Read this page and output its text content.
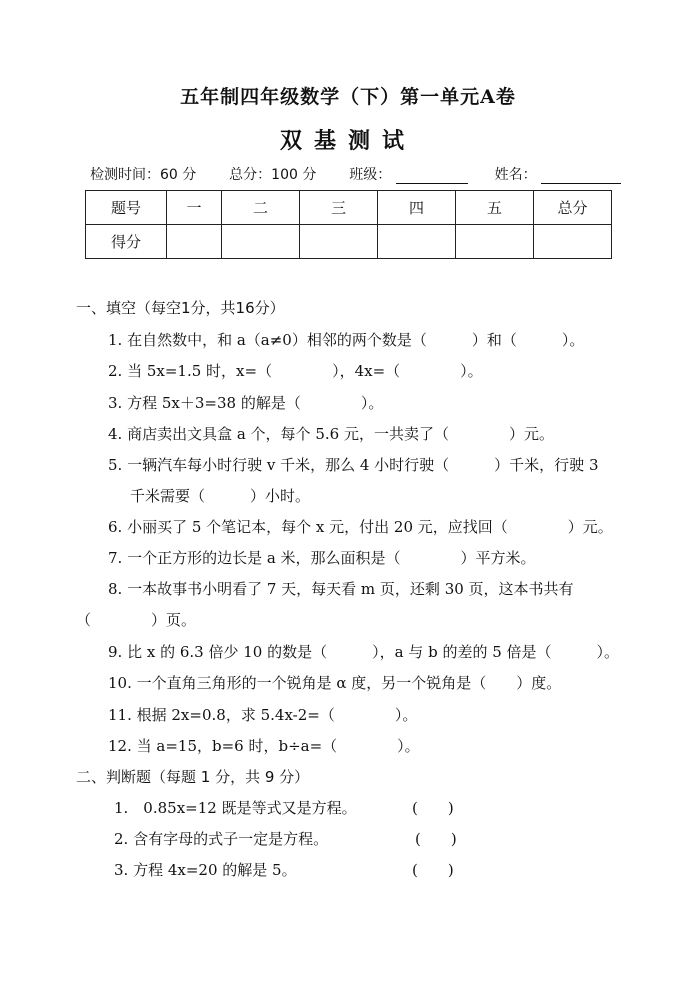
五年制四年级数学（下）第一单元A卷
双基测试
检测时间：60 分 总分：100 分 班级：	姓名：
题号	一	二	三	四	五	总分
得分						
一、填空（每空1分，共16分）
1. 在自然数中，和 a（a≠0）相邻的两个数是（　　　）和（　　　）。
2. 当 5x=1.5 时，x=（　　　　），4x=（　　　　）。
3. 方程 5x＋3=38 的解是（　　　　）。
4. 商店卖出文具盒 a 个，每个 5.6 元，一共卖了（　　　　）元。
5. 一辆汽车每小时行驶 v 千米，那么 4 小时行驶（　　　）千米，行驶 3
千米需要（　　　）小时。
6. 小丽买了 5 个笔记本，每个 x 元，付出 20 元，应找回（　　　　）元。
7. 一个正方形的边长是 a 米，那么面积是（　　　　）平方米。
8. 一本故事书小明看了 7 天，每天看 m 页，还剩 30 页，这本书共有
（　　　　）页。
9. 比 x 的 6.3 倍少 10 的数是（　　　），a 与 b 的差的 5 倍是（　　　）。
10. 一个直角三角形的一个锐角是 α 度，另一个锐角是（　　）度。
11. 根据 2x=0.8，求 5.4x-2=（　　　　）。
12. 当 a=15，b=6 时，b÷a=（　　　　）。
二、判断题（每题 1 分，共 9 分）
1.　0.85x=12 既是等式又是方程。	(　　)
2. 含有字母的式子一定是方程。	(　　)
3. 方程 4x=20 的解是 5。	(　　)
